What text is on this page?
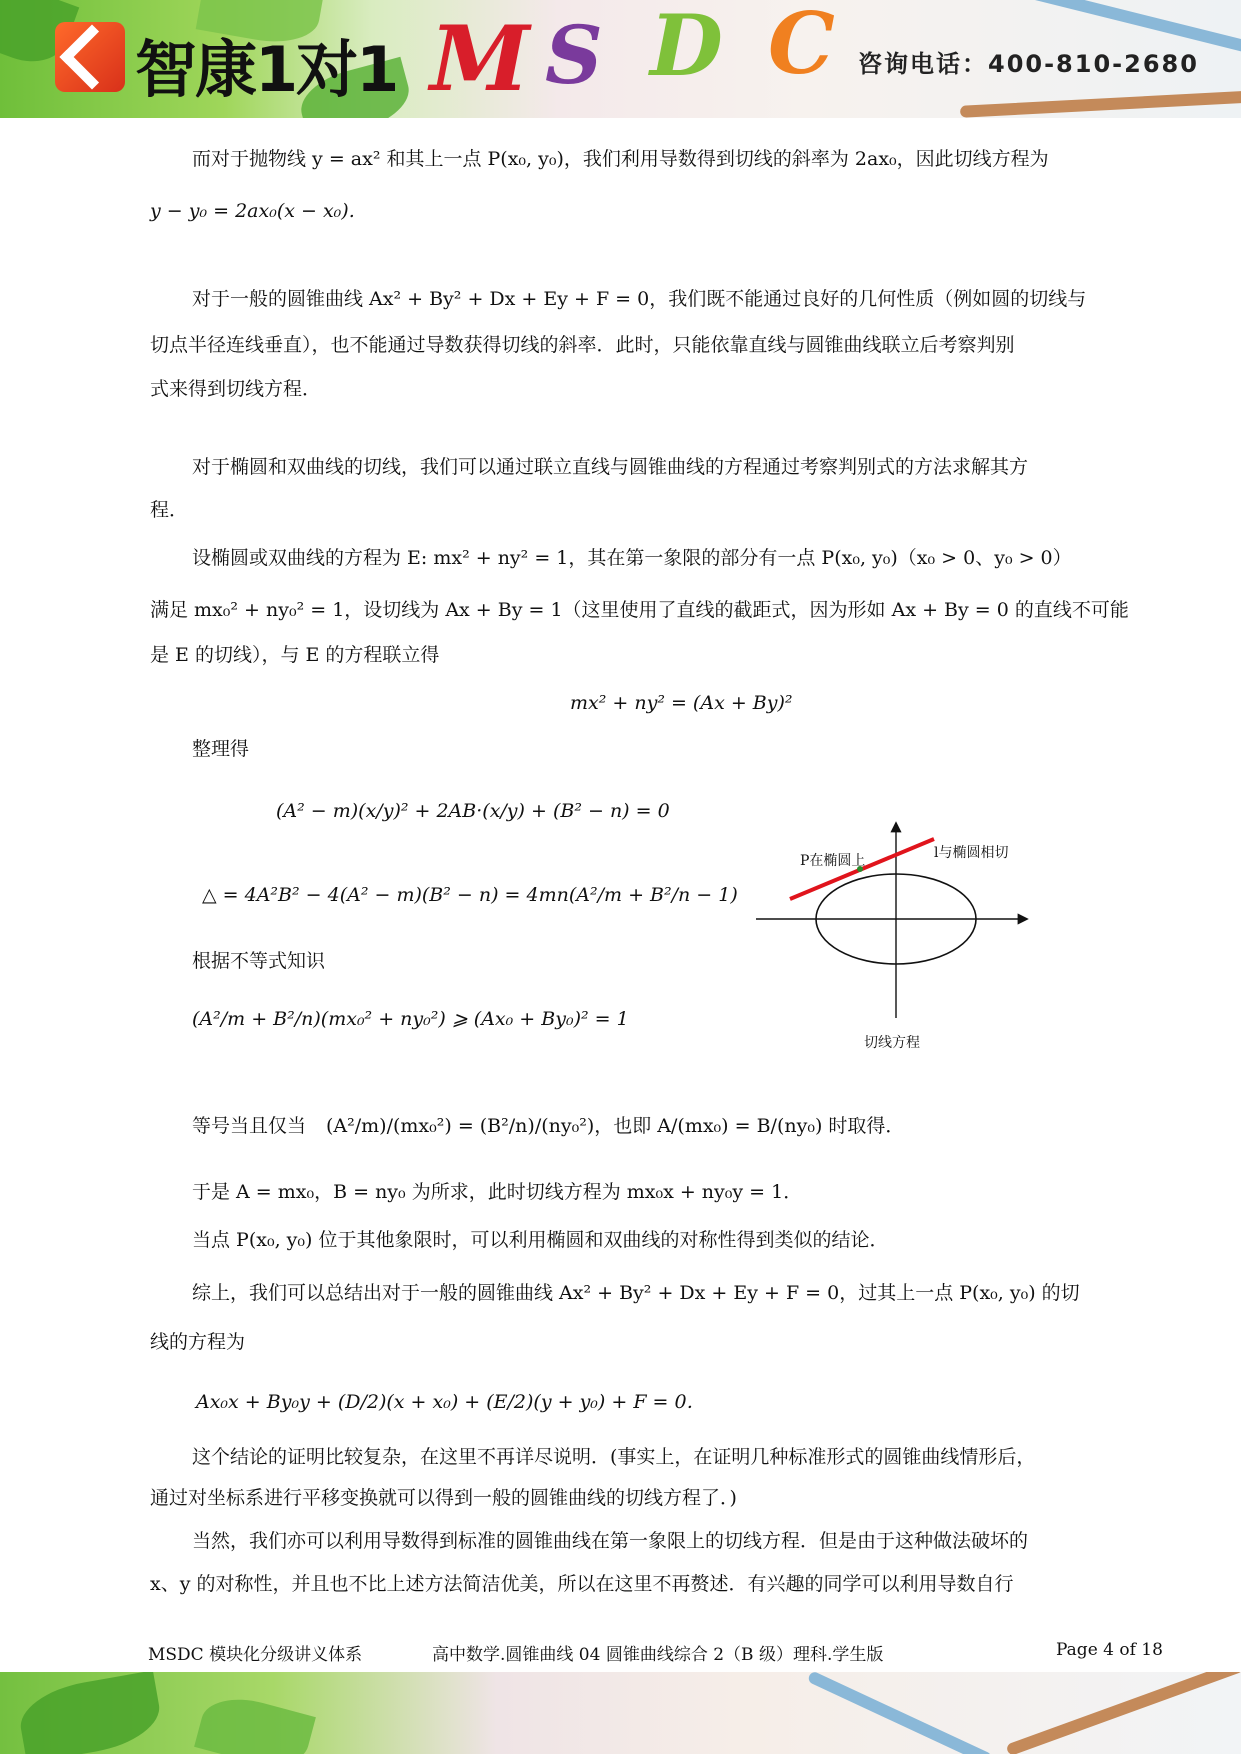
智康1对1 M S D C 咨询电话：400-810-2680
而对于抛物线 y = ax² 和其上一点 P(x₀, y₀)，我们利用导数得到切线的斜率为 2ax₀，因此切线方程为
y − y₀ = 2ax₀(x − x₀).
对于一般的圆锥曲线 Ax² + By² + Dx + Ey + F = 0，我们既不能通过良好的几何性质（例如圆的切线与
切点半径连线垂直），也不能通过导数获得切线的斜率．此时，只能依靠直线与圆锥曲线联立后考察判别
式来得到切线方程．
对于椭圆和双曲线的切线，我们可以通过联立直线与圆锥曲线的方程通过考察判别式的方法求解其方
程．
设椭圆或双曲线的方程为 E: mx² + ny² = 1，其在第一象限的部分有一点 P(x₀, y₀)（x₀ > 0、y₀ > 0）
满足 mx₀² + ny₀² = 1，设切线为 Ax + By = 1（这里使用了直线的截距式，因为形如 Ax + By = 0 的直线不可能
是 E 的切线），与 E 的方程联立得
mx² + ny² = (Ax + By)²
整理得
(A² − m)(x/y)² + 2AB·(x/y) + (B² − n) = 0
△ = 4A²B² − 4(A² − m)(B² − n) = 4mn(A²/m + B²/n − 1)
根据不等式知识
(A²/m + B²/n)(mx₀² + ny₀²) ⩾ (Ax₀ + By₀)² = 1
等号当且仅当 (A²/m)/(mx₀²) = (B²/n)/(ny₀²)，也即 A/(mx₀) = B/(ny₀) 时取得．
于是 A = mx₀，B = ny₀ 为所求，此时切线方程为 mx₀x + ny₀y = 1．
当点 P(x₀, y₀) 位于其他象限时，可以利用椭圆和双曲线的对称性得到类似的结论．
综上，我们可以总结出对于一般的圆锥曲线 Ax² + By² + Dx + Ey + F = 0，过其上一点 P(x₀, y₀) 的切
线的方程为
Ax₀x + By₀y + (D/2)(x + x₀) + (E/2)(y + y₀) + F = 0．
这个结论的证明比较复杂，在这里不再详尽说明．(事实上，在证明几种标准形式的圆锥曲线情形后，
通过对坐标系进行平移变换就可以得到一般的圆锥曲线的切线方程了．)
当然，我们亦可以利用导数得到标准的圆锥曲线在第一象限上的切线方程．但是由于这种做法破坏的
x、y 的对称性，并且也不比上述方法简洁优美，所以在这里不再赘述．有兴趣的同学可以利用导数自行
P在椭圆上	l与椭圆相切
切线方程
MSDC 模块化分级讲义体系	高中数学.圆锥曲线 04 圆锥曲线综合 2（B 级）理科.学生版	Page 4 of 18
